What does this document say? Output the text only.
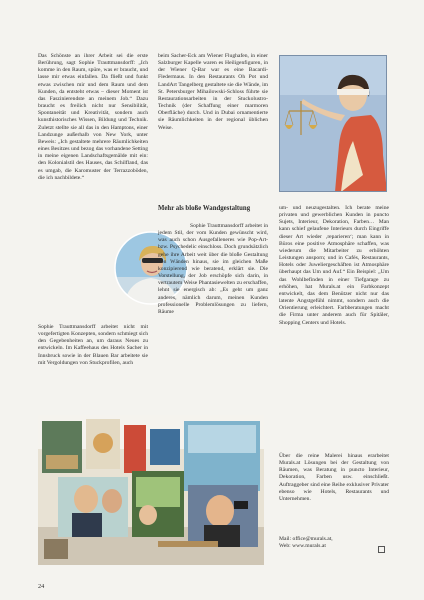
Das Schönste an ihrer Arbeit sei die erste Berührung, sagt Sophie Trauttmansdorff: „Ich komme in den Raum, spüre, was er braucht, und lasse mir etwas einfallen. Da fließt und funkt etwas zwischen mir und dem Raum und dem Kunden, da entsteht etwas – dieser Moment ist das Faszinierendste an meinem Job.“ Dazu braucht es freilich nicht nur Sensibilität, Spontaneität und Kreativität, sondern auch kunsthistorisches Wissen, Bildung und Technik. Zuletzt stellte sie all das in den Hamptons, einer Landzunge außerhalb von New York, unter Beweis: „Ich gestaltete mehrere Räumlichkeiten eines Besitzes und bezog das vorhandene Setting in meine eigenen Landschaftsgemälde mit ein: den Kolonialstil des Hauses, das Schilfland, das es umgab, die Karomuster der Terrazzoböden, die ich nachbildete.“

Sophie Trauttmansdorff arbeitet nicht mit vorgefertigten Konzepten, sondern schmiegt sich den Gegebenheiten an, um daraus Neues zu entwickeln. Im Kaffeehaus des Hotels Sacher in Innsbruck sowie in der Blauen Bar arbeitete sie mit Vergoldungen von Stuckprofilen, auch

beim Sacher-Eck am Wiener Flughafen, in einer Salzburger Kapelle waren es Heiligenfiguren, in der Wiener Q-Bar war es eine Bacardi-Fledermaus. In den Restaurants Oh Pot und LandArt Tangelberg gestaltete sie die Wände, im St. Petersburger Mihailowski-Schloss führte sie Restaurationsarbeiten in der Stuckolustro-Technik (der Schaffung einer marmoren Oberfläche) durch. Und in Dubai ornamentierte sie Räumlichkeiten in der regional üblichen Weise.

Mehr als bloße Wandgestaltung

Sophie Trauttmansdorff arbeitet in jedem Stil, der vom Kunden gewünscht wird, was auch schon Ausgefalleneres wie Pop-Art-bzw. Psychedelic einschloss. Doch grundsätzlich gehe ihre Arbeit weit über die bloße Gestaltung von Wänden hinaus, sie im gleichen Maße konzipierend wie beratend, erklärt sie. Die Vorstellung, der Job erschöpfe sich darin, in vertrautem Weise Phantasiewelten zu erschaffen, lehnt sie energisch ab: „Es geht um ganz anderes, nämlich darum, meinen Kunden professionelle Problemlösungen zu liefern, Räume

um- und neuzugestalten. Ich berate meine privaten und gewerblichen Kunden in puncto Sujets, Interieur, Dekoration, Farben… Man kann schief gelaufene Interieurs durch Eingriffe dieser Art wieder ‚reparieren‘; man kann in Büros eine positive Atmosphäre schaffen, was wiederum die Mitarbeiter zu erhöhten Leistungen ansporn; und in Cafés, Restaurants, Hotels oder Juweliergeschäften ist Atmosphäre überhaupt das Um und Auf.“ Ein Beispiel: „Um das Wohlbefinden in einer Tiefgarage zu erhöhen, hat Murals.at ein Farbkonzept entwickelt, das dem Benützer nicht nur das latente Angstgefühl nimmt, sondern auch die Orientierung erleichtert. Farbberatungen macht die Firma unter anderem auch für Spitäler, Shopping Centers und Hotels.

Über die reine Malerei hinaus erarbeitet Murals.at Lösungen bei der Gestaltung von Räumen, was Beratung in puncto Interieur, Dekoration, Farben usw. einschließt. Auftraggeber sind eine Reihe exklusiver Privater ebenso wie Hotels, Restaurants und Unternehmen.

Mail: office@murals.at,
Web: www.murals.at
24
